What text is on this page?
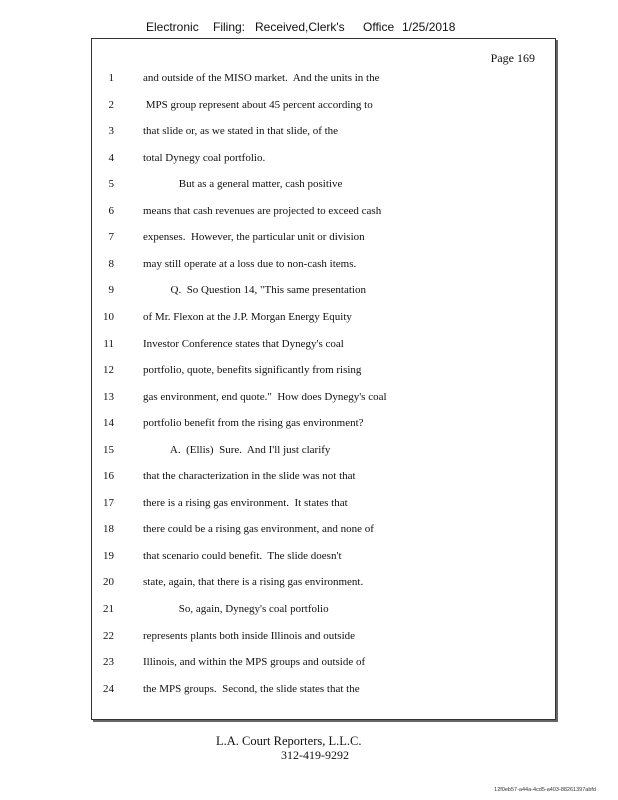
Electronic Filing: Received,Clerk's Office 1/25/2018
Page 169
1	and outside of the MISO market.  And the units in the
2	MPS group represent about 45 percent according to
3	that slide or, as we stated in that slide, of the
4	total Dynegy coal portfolio.
5	But as a general matter, cash positive
6	means that cash revenues are projected to exceed cash
7	expenses.  However, the particular unit or division
8	may still operate at a loss due to non-cash items.
9	Q.  So Question 14, "This same presentation
10	of Mr. Flexon at the J.P. Morgan Energy Equity
11	Investor Conference states that Dynegy's coal
12	portfolio, quote, benefits significantly from rising
13	gas environment, end quote."  How does Dynegy's coal
14	portfolio benefit from the rising gas environment?
15	A.  (Ellis)  Sure.  And I'll just clarify
16	that the characterization in the slide was not that
17	there is a rising gas environment.  It states that
18	there could be a rising gas environment, and none of
19	that scenario could benefit.  The slide doesn't
20	state, again, that there is a rising gas environment.
21	So, again, Dynegy's coal portfolio
22	represents plants both inside Illinois and outside
23	Illinois, and within the MPS groups and outside of
24	the MPS groups.  Second, the slide states that the
L.A. Court Reporters, L.L.C.
312-419-9292
12f0eb57-a44a-4cd5-a403-88261397abfd
